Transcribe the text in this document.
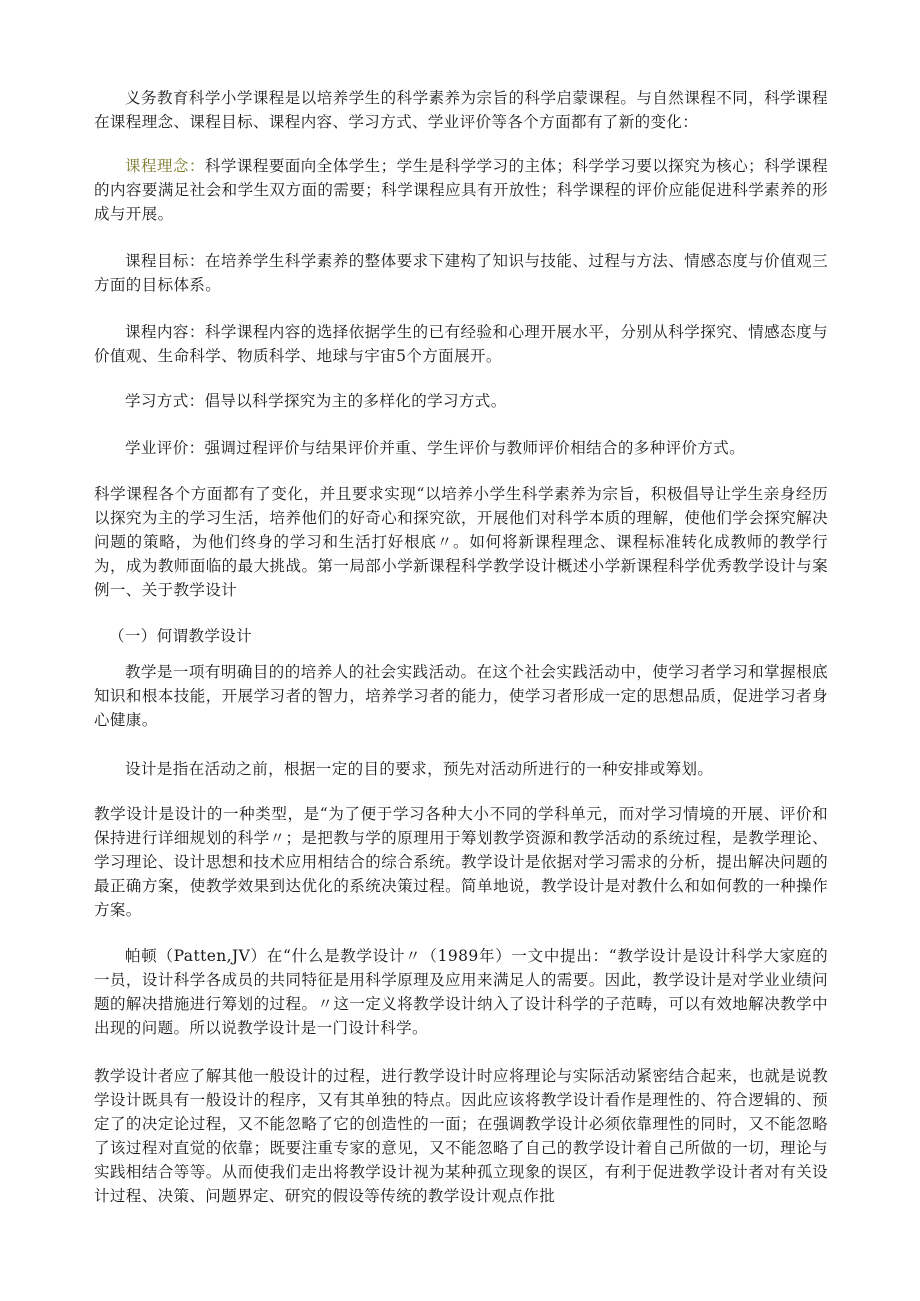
义务教育科学小学课程是以培养学生的科学素养为宗旨的科学启蒙课程。与自然课程不同，科学课程在课程理念、课程目标、课程内容、学习方式、学业评价等各个方面都有了新的变化：

课程理念：科学课程要面向全体学生；学生是科学学习的主体；科学学习要以探究为核心；科学课程的内容要满足社会和学生双方面的需要；科学课程应具有开放性；科学课程的评价应能促进科学素养的形成与开展。

课程目标：在培养学生科学素养的整体要求下建构了知识与技能、过程与方法、情感态度与价值观三方面的目标体系。

课程内容：科学课程内容的选择依据学生的已有经验和心理开展水平，分别从科学探究、情感态度与价值观、生命科学、物质科学、地球与宇宙5个方面展开。

学习方式：倡导以科学探究为主的多样化的学习方式。

学业评价：强调过程评价与结果评价并重、学生评价与教师评价相结合的多种评价方式。

科学课程各个方面都有了变化，并且要求实现“以培养小学生科学素养为宗旨，积极倡导让学生亲身经历以探究为主的学习生活，培养他们的好奇心和探究欲，开展他们对科学本质的理解，使他们学会探究解决问题的策略，为他们终身的学习和生活打好根底〃。如何将新课程理念、课程标准转化成教师的教学行为，成为教师面临的最大挑战。第一局部小学新课程科学教学设计概述小学新课程科学优秀教学设计与案例一、关于教学设计

（一）何谓教学设计

教学是一项有明确目的的培养人的社会实践活动。在这个社会实践活动中，使学习者学习和掌握根底知识和根本技能，开展学习者的智力，培养学习者的能力，使学习者形成一定的思想品质，促进学习者身心健康。

设计是指在活动之前，根据一定的目的要求，预先对活动所进行的一种安排或筹划。

教学设计是设计的一种类型，是“为了便于学习各种大小不同的学科单元，而对学习情境的开展、评价和保持进行详细规划的科学〃；是把教与学的原理用于筹划教学资源和教学活动的系统过程，是教学理论、学习理论、设计思想和技术应用相结合的综合系统。教学设计是依据对学习需求的分析，提出解决问题的最正确方案，使教学效果到达优化的系统决策过程。简单地说，教学设计是对教什么和如何教的一种操作方案。

帕顿（Patten,JV）在“什么是教学设计〃（1989年）一文中提出：“教学设计是设计科学大家庭的一员，设计科学各成员的共同特征是用科学原理及应用来满足人的需要。因此，教学设计是对学业业绩问题的解决措施进行筹划的过程。〃这一定义将教学设计纳入了设计科学的子范畴，可以有效地解决教学中出现的问题。所以说教学设计是一门设计科学。

教学设计者应了解其他一般设计的过程，进行教学设计时应将理论与实际活动紧密结合起来，也就是说教学设计既具有一般设计的程序，又有其单独的特点。因此应该将教学设计看作是理性的、符合逻辑的、预定了的决定论过程，又不能忽略了它的创造性的一面；在强调教学设计必须依靠理性的同时，又不能忽略了该过程对直觉的依靠；既要注重专家的意见，又不能忽略了自己的教学设计着自己所做的一切，理论与实践相结合等等。从而使我们走出将教学设计视为某种孤立现象的误区，有利于促进教学设计者对有关设计过程、决策、问题界定、研究的假设等传统的教学设计观点作批
